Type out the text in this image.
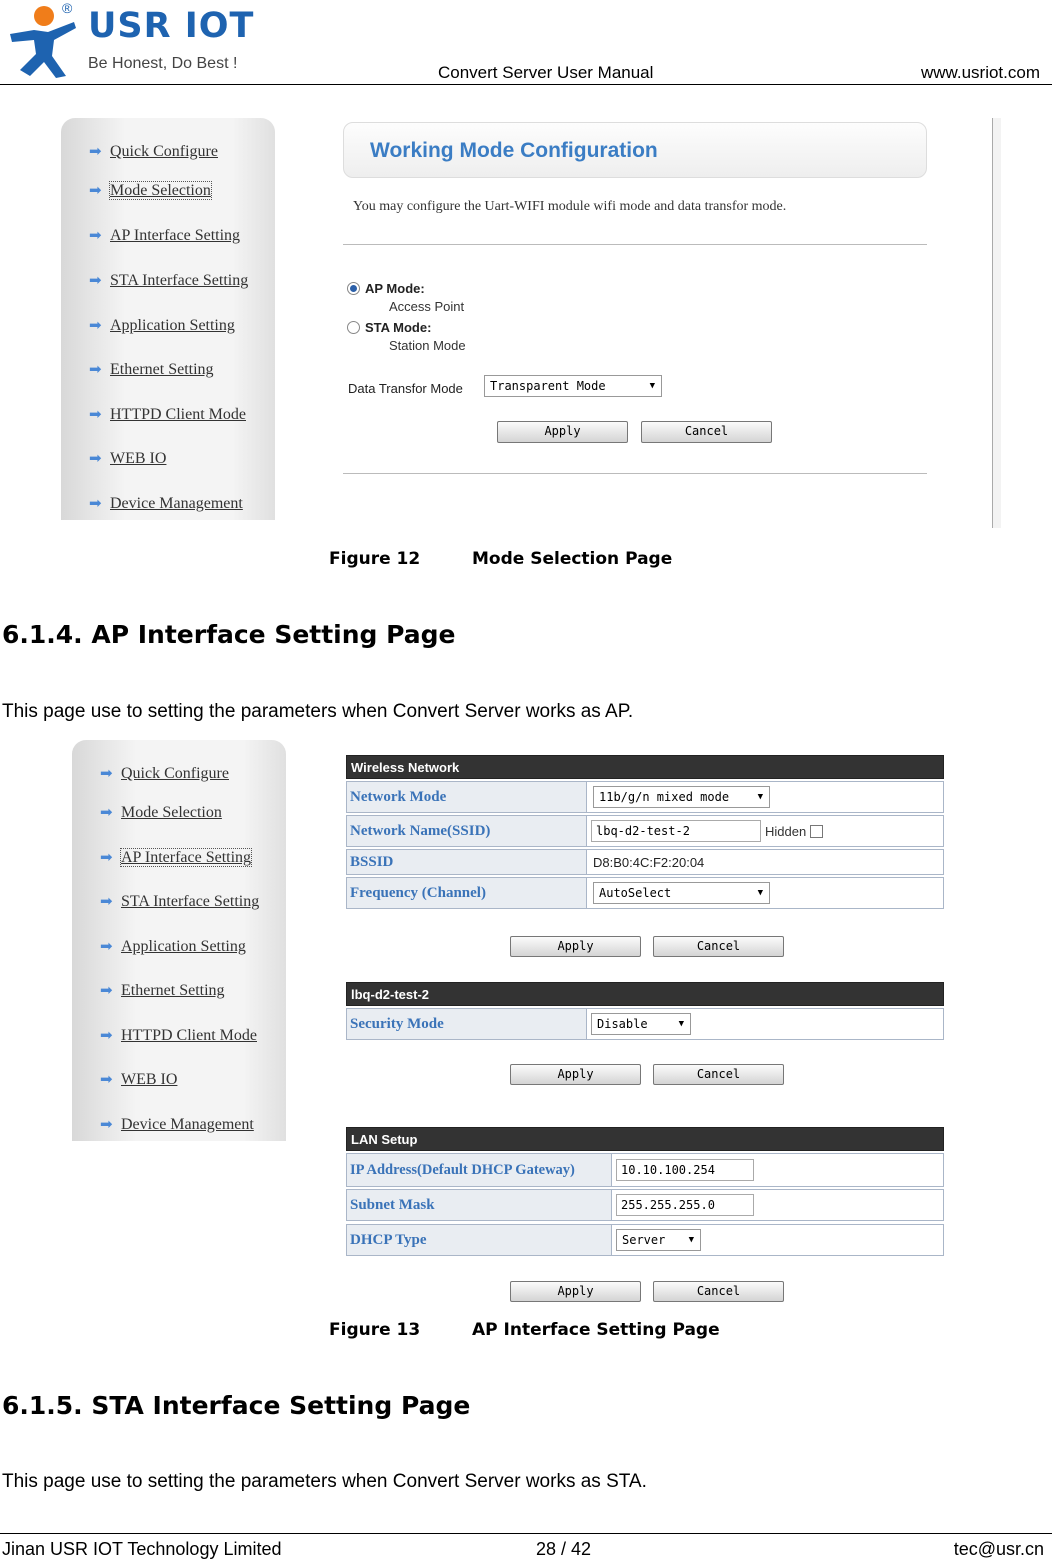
® USR IOT
Be Honest, Do Best !	Convert Server User Manual	www.usriot.com
➡ Quick Configure
➡ Mode Selection
➡ AP Interface Setting
➡ STA Interface Setting
➡ Application Setting
➡ Ethernet Setting
➡ HTTPD Client Mode
➡ WEB IO
➡ Device Management
Working Mode Configuration
You may configure the Uart-WIFI module wifi mode and data transfor mode.
AP Mode:
Access Point
STA Mode:
Station Mode
Data Transfor Mode	Transparent Mode	▼
Apply	Cancel
Figure 12	Mode Selection Page
6.1.4. AP Interface Setting Page
This page use to setting the parameters when Convert Server works as AP.
➡ Quick Configure
➡ Mode Selection
➡ AP Interface Setting
➡ STA Interface Setting
➡ Application Setting
➡ Ethernet Setting
➡ HTTPD Client Mode
➡ WEB IO
➡ Device Management
Wireless Network
Network Mode	11b/g/n mixed mode	▼
Network Name(SSID)	lbq-d2-test-2	Hidden
BSSID	D8:B0:4C:F2:20:04
Frequency (Channel)	AutoSelect	▼
Apply	Cancel
lbq-d2-test-2
Security Mode	Disable	▼
Apply	Cancel
LAN Setup
IP Address(Default DHCP Gateway)	10.10.100.254
Subnet Mask	255.255.255.0
DHCP Type	Server	▼
Apply	Cancel
Figure 13	AP Interface Setting Page
6.1.5. STA Interface Setting Page
This page use to setting the parameters when Convert Server works as STA.
Jinan USR IOT Technology Limited	28 / 42	tec@usr.cn
